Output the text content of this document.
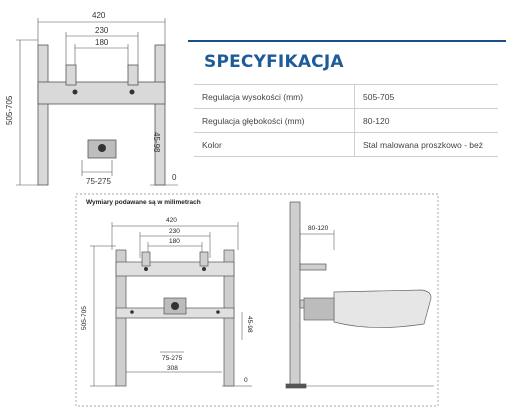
420
230
180
505-705
45-98
75-275	0
SPECYFIKACJA
Regulacja wysokości (mm)	505-705
Regulacja głębokości (mm)	80-120
Kolor	Stal malowana proszkowo - beż
Wymiary podawane są w milimetrach
420
230
180
505-705	45-98
75-275
308
0
80-120
